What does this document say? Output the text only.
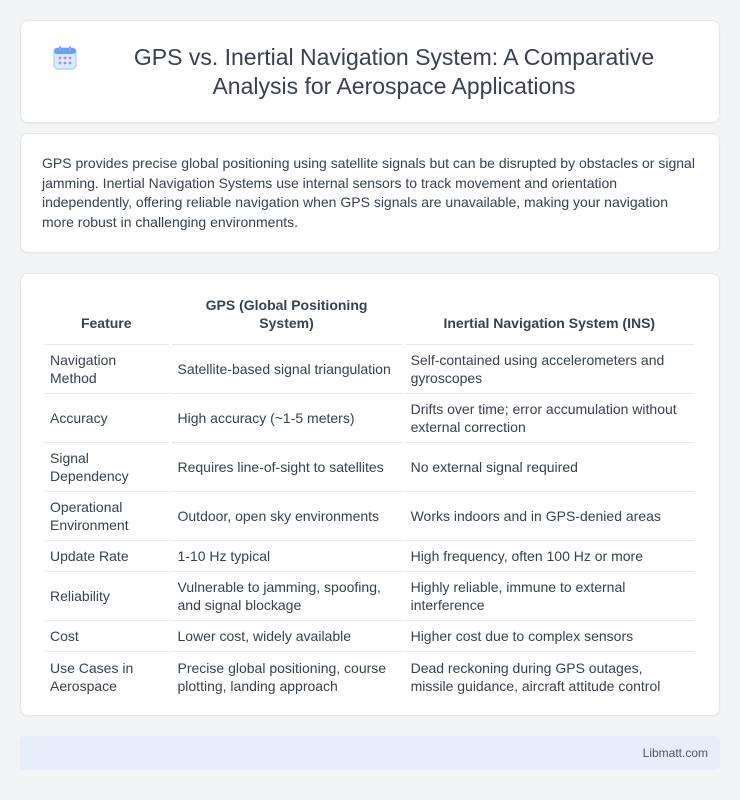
GPS vs. Inertial Navigation System: A Comparative Analysis for Aerospace Applications

GPS provides precise global positioning using satellite signals but can be disrupted by obstacles or signal jamming. Inertial Navigation Systems use internal sensors to track movement and orientation independently, offering reliable navigation when GPS signals are unavailable, making your navigation more robust in challenging environments.

Feature	GPS (Global Positioning System)	Inertial Navigation System (INS)
Navigation Method	Satellite-based signal triangulation	Self-contained using accelerometers and gyroscopes
Accuracy	High accuracy (~1-5 meters)	Drifts over time; error accumulation without external correction
Signal Dependency	Requires line-of-sight to satellites	No external signal required
Operational Environment	Outdoor, open sky environments	Works indoors and in GPS-denied areas
Update Rate	1-10 Hz typical	High frequency, often 100 Hz or more
Reliability	Vulnerable to jamming, spoofing, and signal blockage	Highly reliable, immune to external interference
Cost	Lower cost, widely available	Higher cost due to complex sensors
Use Cases in Aerospace	Precise global positioning, course plotting, landing approach	Dead reckoning during GPS outages, missile guidance, aircraft attitude control
Libmatt.com
